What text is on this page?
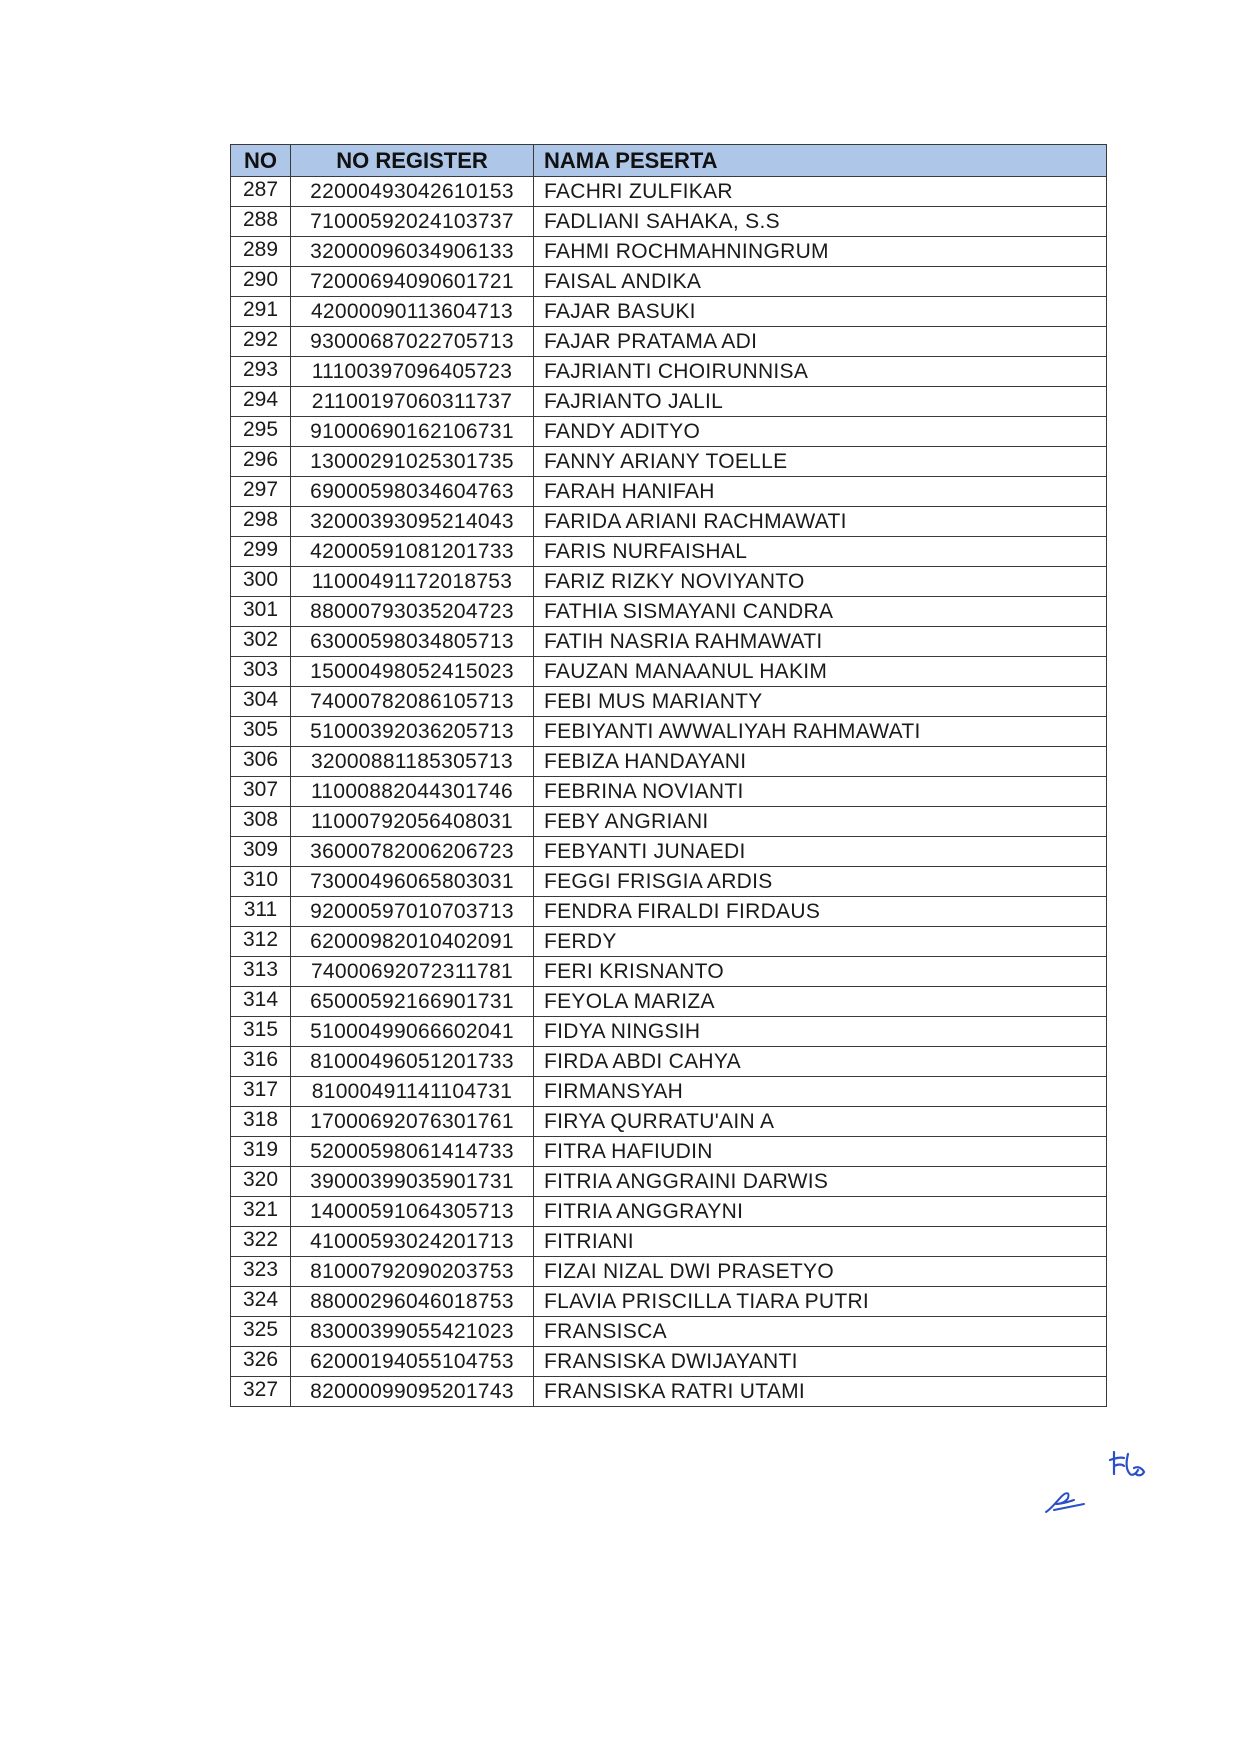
NO	NO REGISTER	NAMA PESERTA
287	22000493042610153	FACHRI ZULFIKAR
288	71000592024103737	FADLIANI SAHAKA, S.S
289	32000096034906133	FAHMI ROCHMAHNINGRUM
290	72000694090601721	FAISAL ANDIKA
291	42000090113604713	FAJAR BASUKI
292	93000687022705713	FAJAR PRATAMA ADI
293	11100397096405723	FAJRIANTI CHOIRUNNISA
294	21100197060311737	FAJRIANTO JALIL
295	91000690162106731	FANDY ADITYO
296	13000291025301735	FANNY ARIANY TOELLE
297	69000598034604763	FARAH HANIFAH
298	32000393095214043	FARIDA ARIANI RACHMAWATI
299	42000591081201733	FARIS NURFAISHAL
300	11000491172018753	FARIZ RIZKY NOVIYANTO
301	88000793035204723	FATHIA SISMAYANI CANDRA
302	63000598034805713	FATIH NASRIA RAHMAWATI
303	15000498052415023	FAUZAN MANAANUL HAKIM
304	74000782086105713	FEBI MUS MARIANTY
305	51000392036205713	FEBIYANTI AWWALIYAH RAHMAWATI
306	32000881185305713	FEBIZA HANDAYANI
307	11000882044301746	FEBRINA NOVIANTI
308	11000792056408031	FEBY ANGRIANI
309	36000782006206723	FEBYANTI JUNAEDI
310	73000496065803031	FEGGI FRISGIA ARDIS
311	92000597010703713	FENDRA FIRALDI FIRDAUS
312	62000982010402091	FERDY
313	74000692072311781	FERI KRISNANTO
314	65000592166901731	FEYOLA MARIZA
315	51000499066602041	FIDYA NINGSIH
316	81000496051201733	FIRDA ABDI CAHYA
317	81000491141104731	FIRMANSYAH
318	17000692076301761	FIRYA QURRATU'AIN A
319	52000598061414733	FITRA HAFIUDIN
320	39000399035901731	FITRIA ANGGRAINI DARWIS
321	14000591064305713	FITRIA ANGGRAYNI
322	41000593024201713	FITRIANI
323	81000792090203753	FIZAI NIZAL DWI PRASETYO
324	88000296046018753	FLAVIA PRISCILLA TIARA PUTRI
325	83000399055421023	FRANSISCA
326	62000194055104753	FRANSISKA DWIJAYANTI
327	82000099095201743	FRANSISKA RATRI UTAMI
